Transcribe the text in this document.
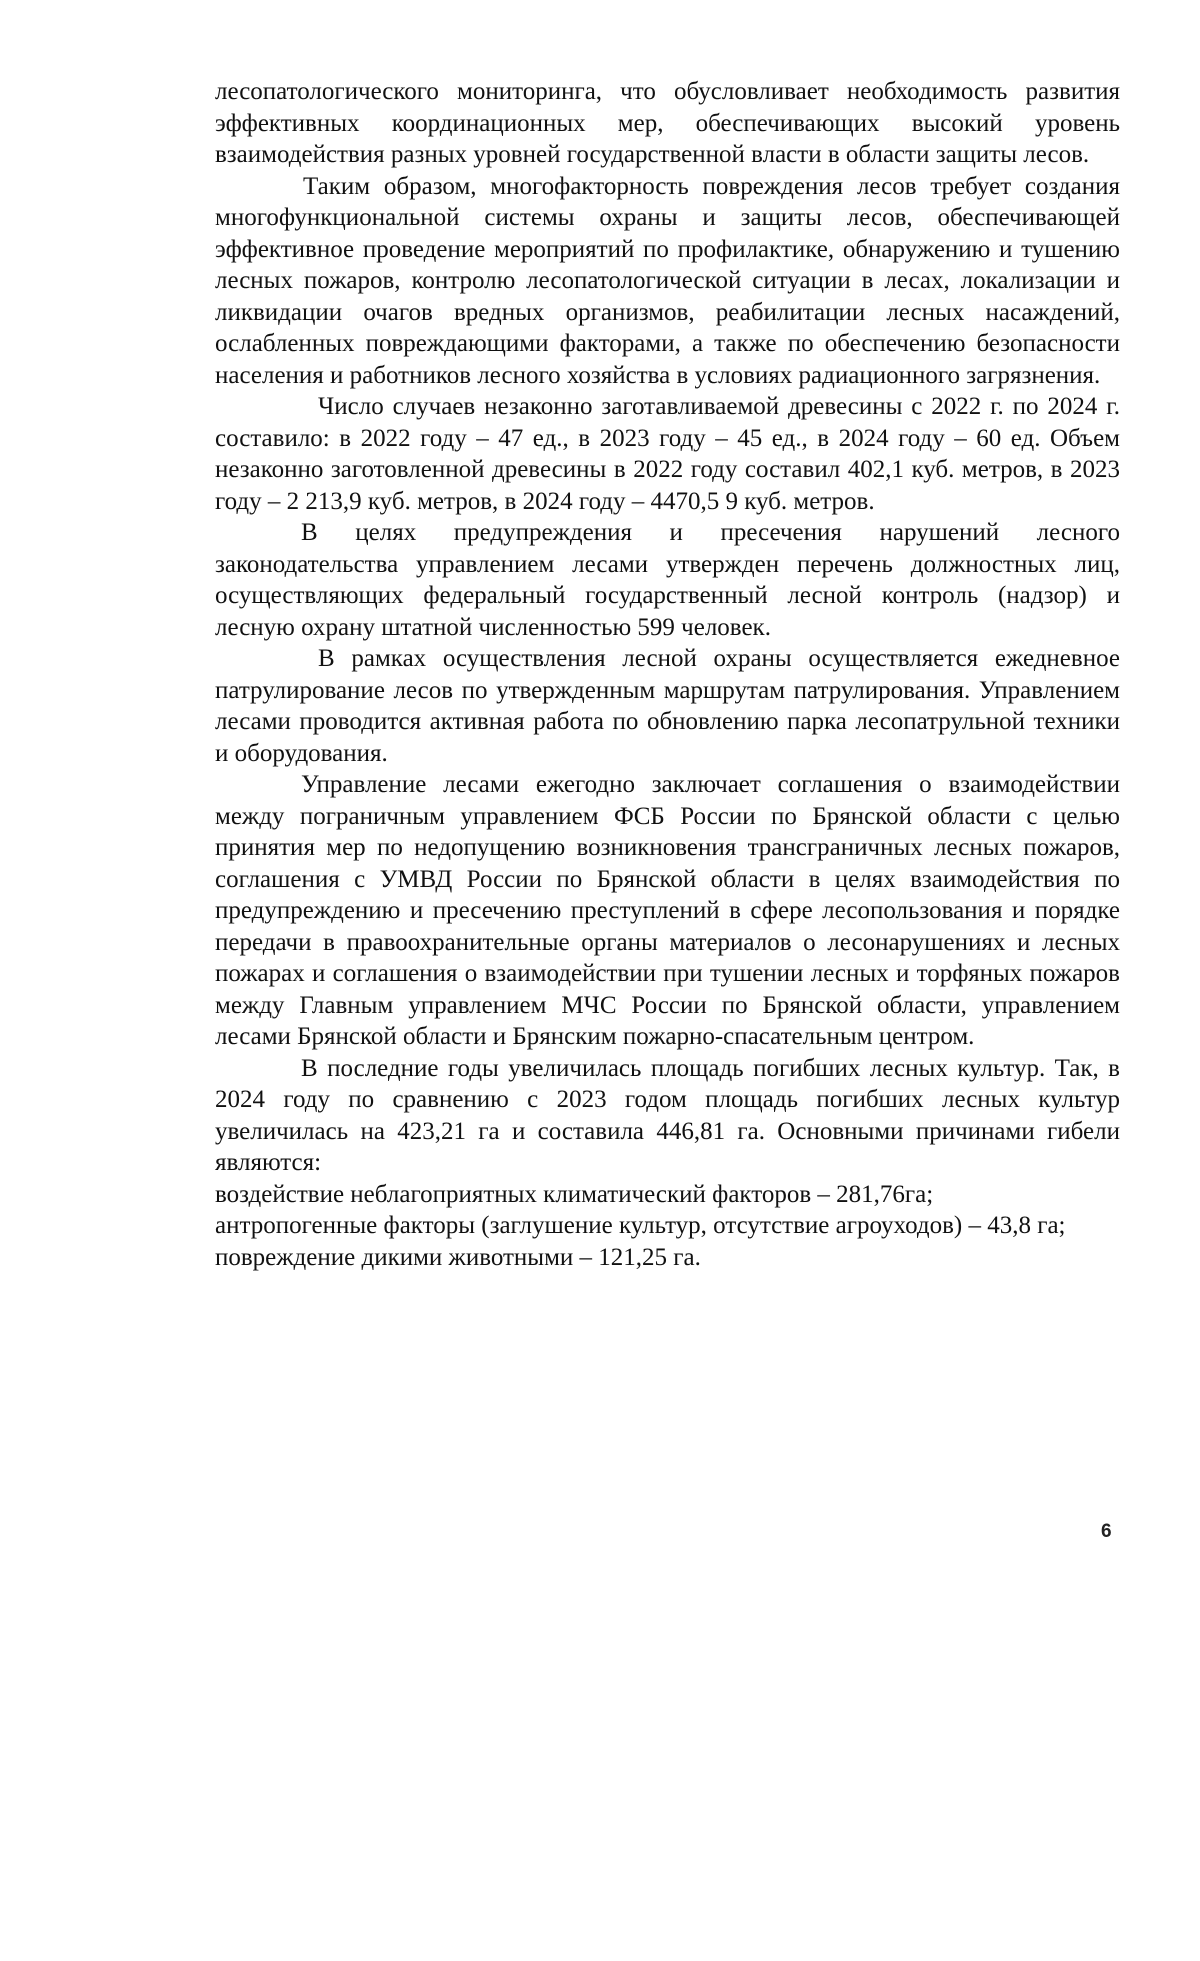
лесопатологического мониторинга, что обусловливает необходимость развития эффективных координационных мер, обеспечивающих высокий уровень взаимодействия разных уровней государственной власти в области защиты лесов.

Таким образом, многофакторность повреждения лесов требует создания многофункциональной системы охраны и защиты лесов, обеспечивающей эффективное проведение мероприятий по профилактике, обнаружению и тушению лесных пожаров, контролю лесопатологической ситуации в лесах, локализации и ликвидации очагов вредных организмов, реабилитации лесных насаждений, ослабленных повреждающими факторами, а также по обеспечению безопасности населения и работников лесного хозяйства в условиях радиационного загрязнения.

Число случаев незаконно заготавливаемой древесины с 2022 г. по 2024 г. составило: в 2022 году – 47 ед., в 2023 году – 45 ед., в 2024 году – 60 ед. Объем незаконно заготовленной древесины в 2022 году составил 402,1 куб. метров, в 2023 году – 2 213,9 куб. метров, в 2024 году – 4470,5 9 куб. метров.

В целях предупреждения и пресечения нарушений лесного законодательства управлением лесами утвержден перечень должностных лиц, осуществляющих федеральный государственный лесной контроль (надзор) и лесную охрану штатной численностью 599 человек.

В рамках осуществления лесной охраны осуществляется ежедневное патрулирование лесов по утвержденным маршрутам патрулирования. Управлением лесами проводится активная работа по обновлению парка лесопатрульной техники и оборудования.

Управление лесами ежегодно заключает соглашения о взаимодействии между пограничным управлением ФСБ России по Брянской области с целью принятия мер по недопущению возникновения трансграничных лесных пожаров, соглашения с УМВД России по Брянской области в целях взаимодействия по предупреждению и пресечению преступлений в сфере лесопользования и порядке передачи в правоохранительные органы материалов о лесонарушениях и лесных пожарах и соглашения о взаимодействии при тушении лесных и торфяных пожаров между Главным управлением МЧС России по Брянской области, управлением лесами Брянской области и Брянским пожарно-спасательным центром.

В последние годы увеличилась площадь погибших лесных культур. Так, в 2024 году по сравнению с 2023 годом площадь погибших лесных культур увеличилась на 423,21 га и составила 446,81 га. Основными причинами гибели являются:

воздействие неблагоприятных климатический факторов – 281,76га;

антропогенные факторы (заглушение культур, отсутствие агроуходов) – 43,8 га;

повреждение дикими животными – 121,25 га.

6
